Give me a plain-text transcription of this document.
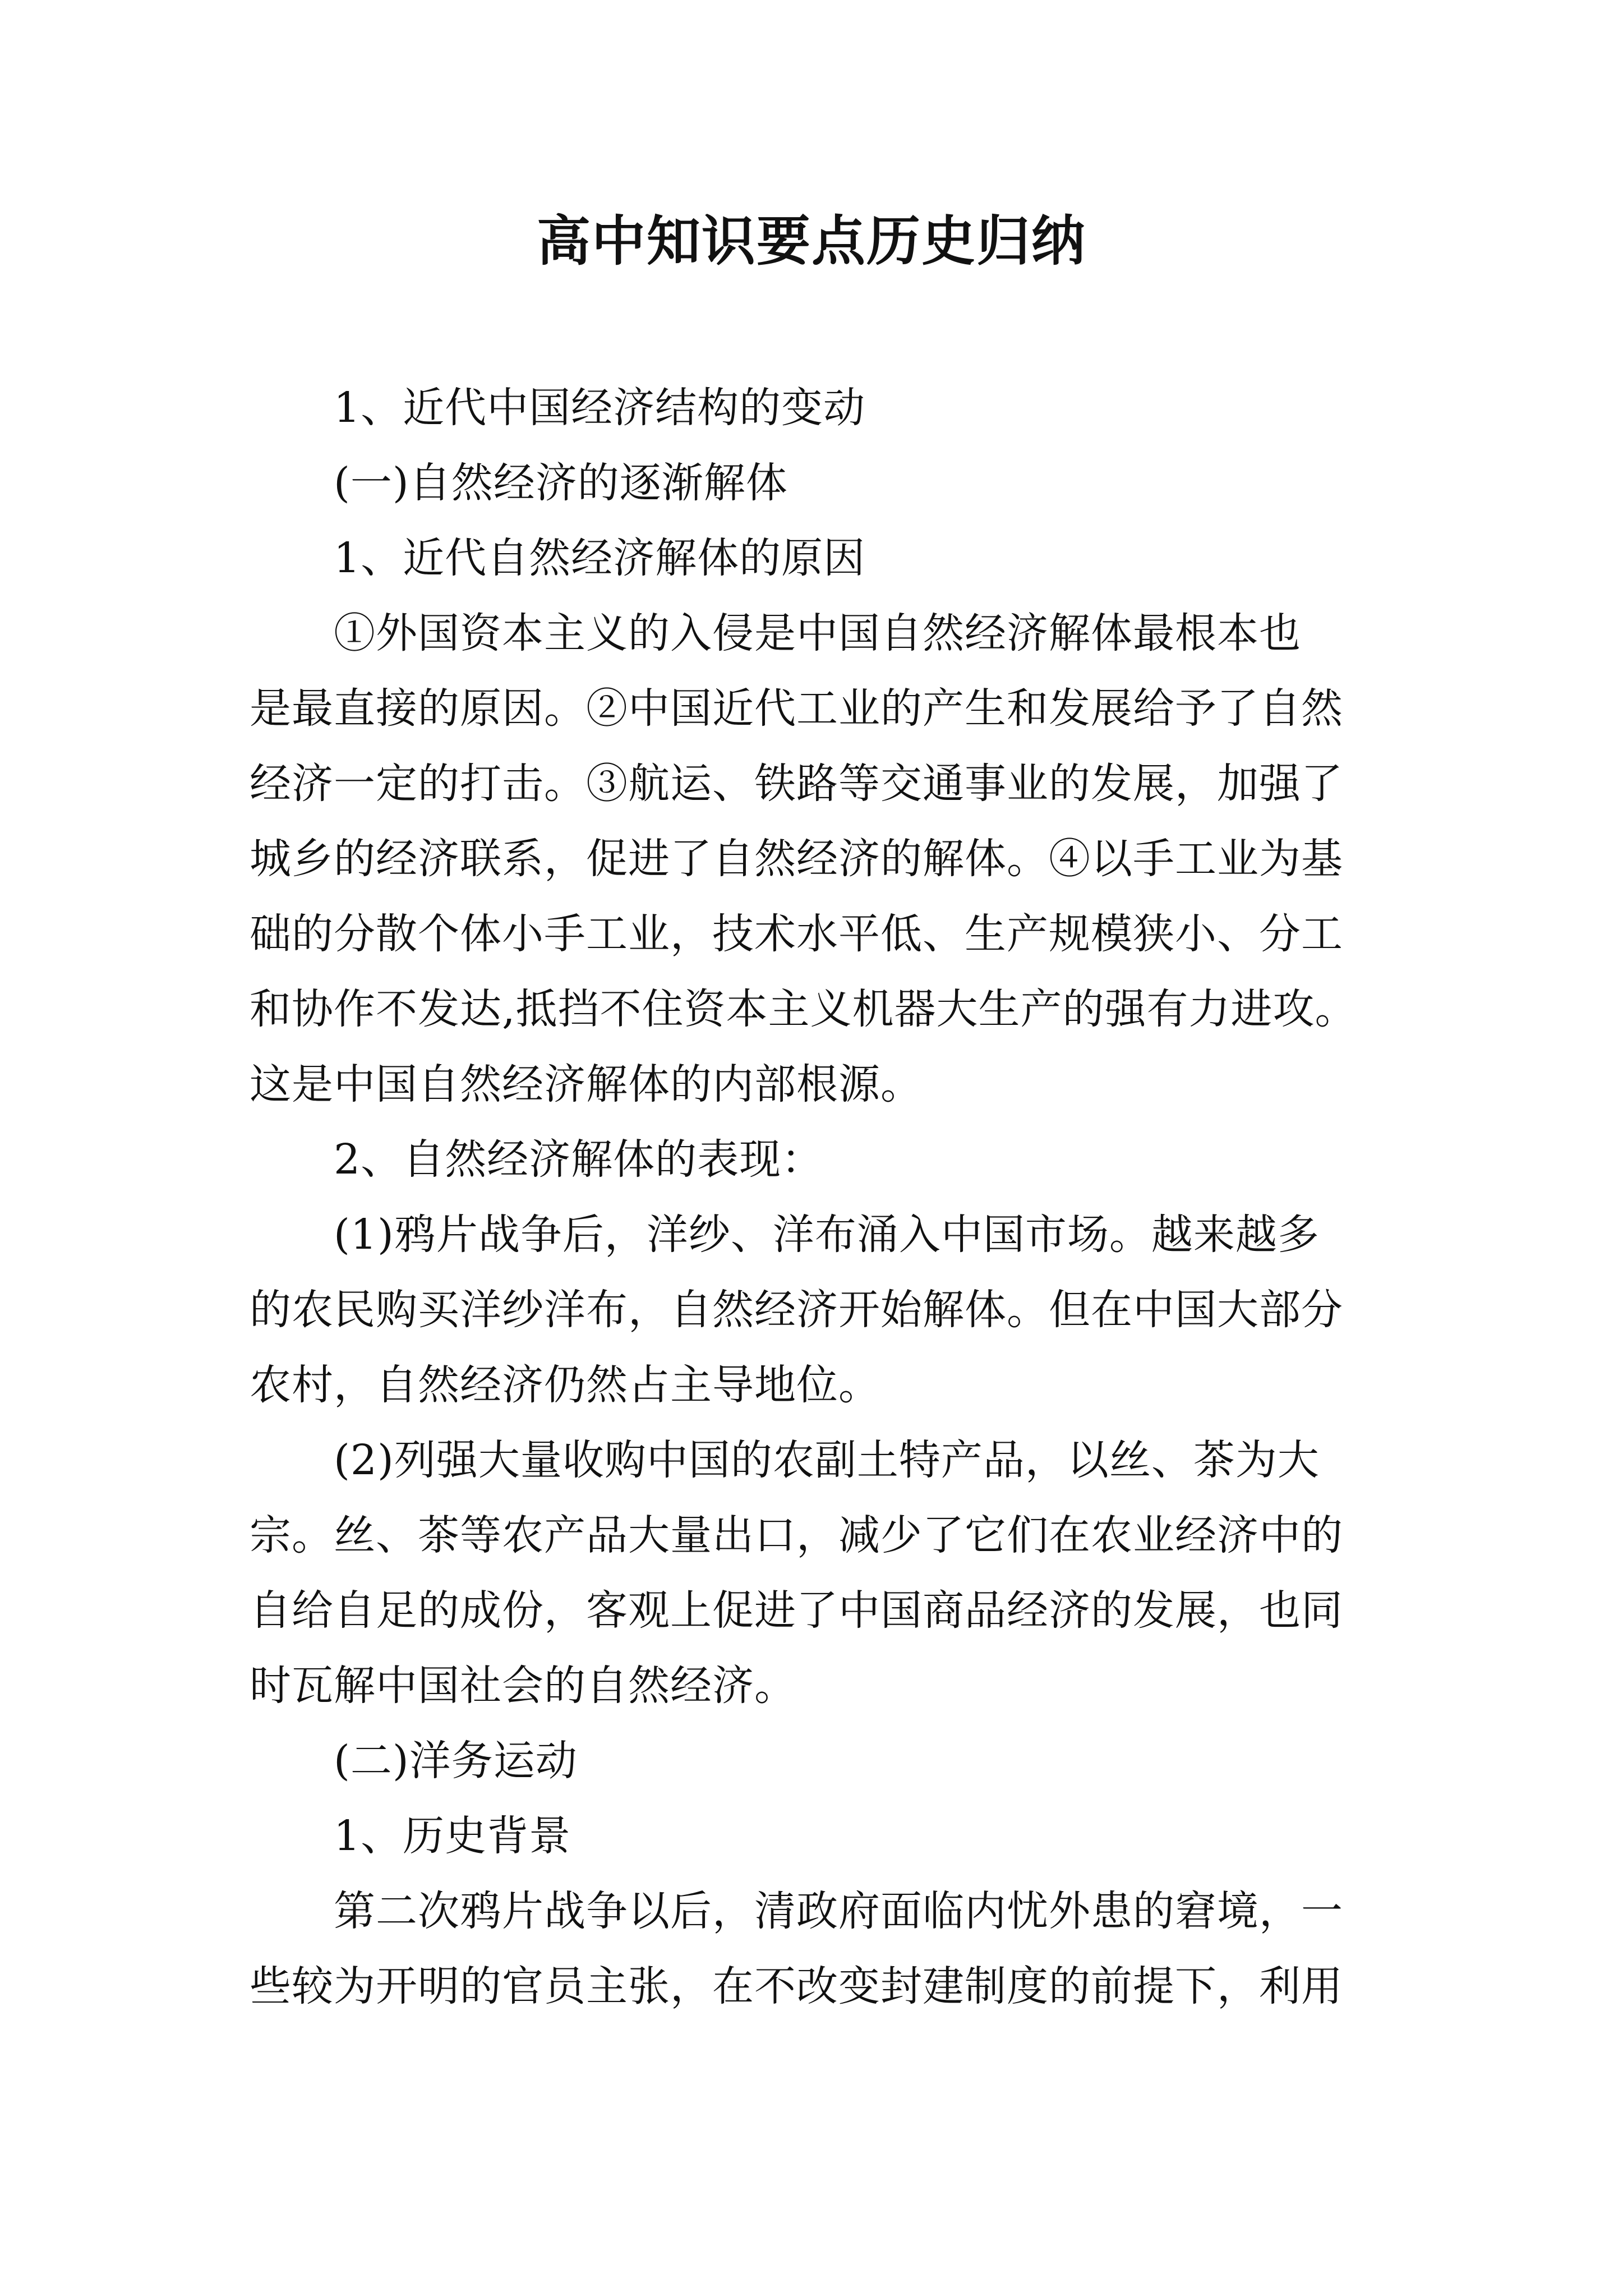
高中知识要点历史归纳

1、近代中国经济结构的变动

(一)自然经济的逐渐解体

1、近代自然经济解体的原因

①外国资本主义的入侵是中国自然经济解体最根本也

是最直接的原因。②中国近代工业的产生和发展给予了自然

经济一定的打击。③航运、铁路等交通事业的发展，加强了

城乡的经济联系，促进了自然经济的解体。④以手工业为基

础的分散个体小手工业，技术水平低、生产规模狭小、分工

和协作不发达,抵挡不住资本主义机器大生产的强有力进攻。

这是中国自然经济解体的内部根源。

2、自然经济解体的表现：

(1)鸦片战争后，洋纱、洋布涌入中国市场。越来越多

的农民购买洋纱洋布，自然经济开始解体。但在中国大部分

农村，自然经济仍然占主导地位。

(2)列强大量收购中国的农副土特产品，以丝、茶为大

宗。丝、茶等农产品大量出口，减少了它们在农业经济中的

自给自足的成份，客观上促进了中国商品经济的发展，也同

时瓦解中国社会的自然经济。

(二)洋务运动

1、历史背景

第二次鸦片战争以后，清政府面临内忧外患的窘境，一

些较为开明的官员主张，在不改变封建制度的前提下，利用
